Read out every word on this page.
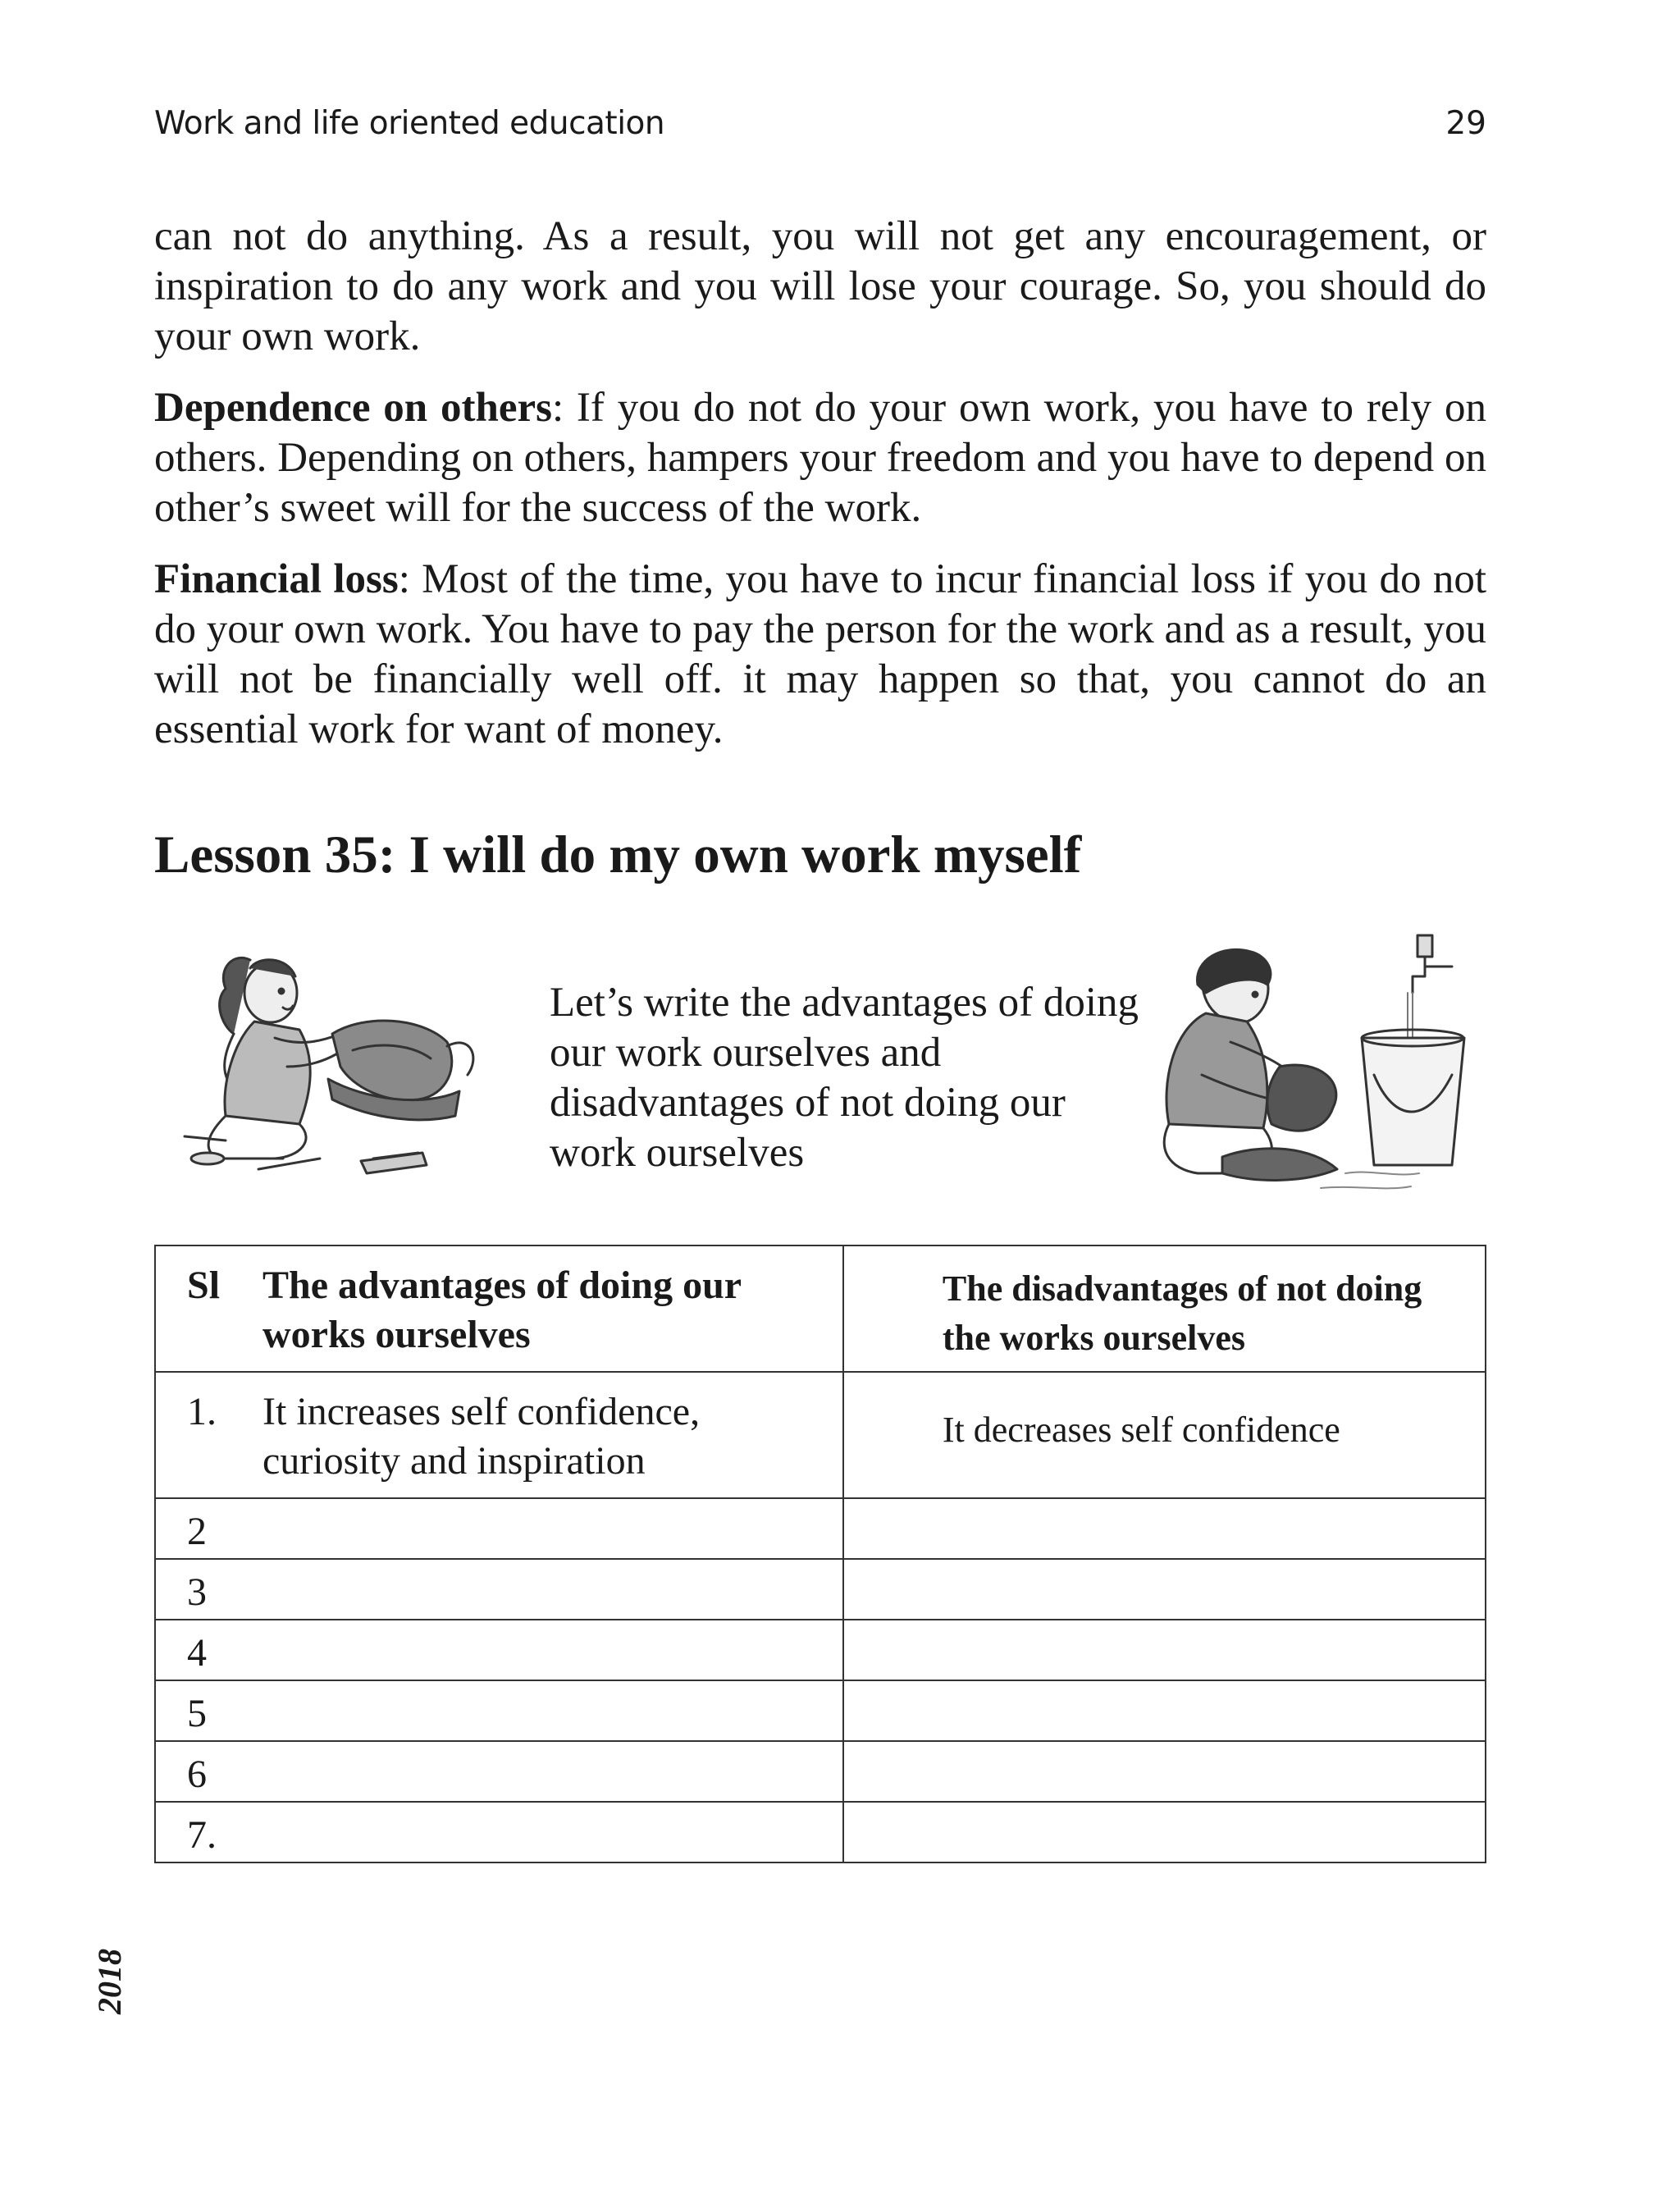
Work and life oriented education	29

can not do anything. As a result, you will not get any encouragement, or inspiration to do any work and you will lose your courage. So, you should do your own work.

Dependence on others: If you do not do your own work, you have to rely on others. Depending on others, hampers your freedom and you have to depend on other’s sweet will for the success of the work.

Financial loss: Most of the time, you have to incur financial loss if you do not do your own work. You have to pay the person for the work and as a result, you will not be financially well off. it may happen so that, you cannot do an essential work for want of money.

Lesson 35: I will do my own work myself

Let’s write the advantages of doing our work ourselves and disadvantages of not doing our work ourselves

Sl The advantages of doing our works ourselves	The disadvantages of not doing the works ourselves

1. It increases self confidence, curiosity and inspiration	It decreases self confidence

2	

3	

4	

5	

6	

7.	

2018
